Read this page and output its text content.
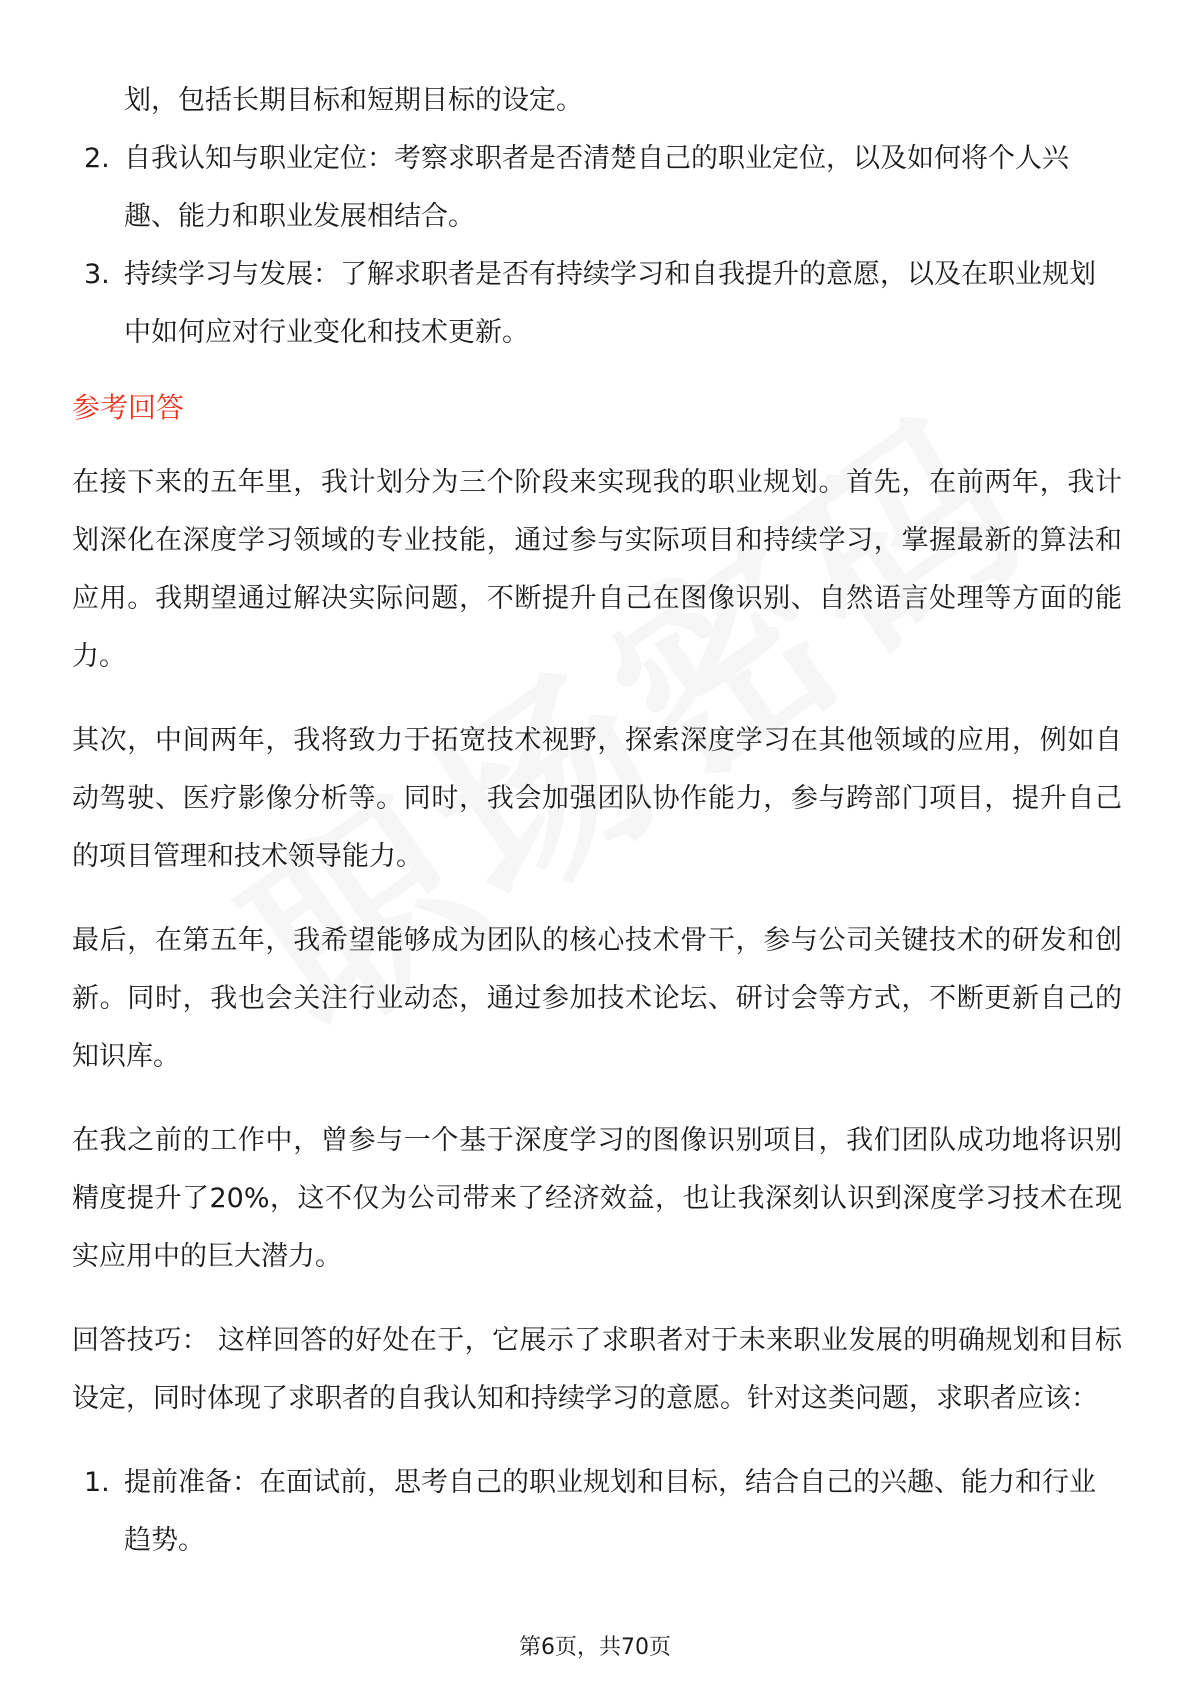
划，包括长期目标和短期目标的设定。

2. 自我认知与职业定位：考察求职者是否清楚自己的职业定位，以及如何将个人兴趣、能力和职业发展相结合。
3. 持续学习与发展：了解求职者是否有持续学习和自我提升的意愿，以及在职业规划中如何应对行业变化和技术更新。
参考回答

在接下来的五年里，我计划分为三个阶段来实现我的职业规划。首先，在前两年，我计划深化在深度学习领域的专业技能，通过参与实际项目和持续学习，掌握最新的算法和应用。我期望通过解决实际问题，不断提升自己在图像识别、自然语言处理等方面的能力。

其次，中间两年，我将致力于拓宽技术视野，探索深度学习在其他领域的应用，例如自动驾驶、医疗影像分析等。同时，我会加强团队协作能力，参与跨部门项目，提升自己的项目管理和技术领导能力。

最后，在第五年，我希望能够成为团队的核心技术骨干，参与公司关键技术的研发和创新。同时，我也会关注行业动态，通过参加技术论坛、研讨会等方式，不断更新自己的知识库。

在我之前的工作中，曾参与一个基于深度学习的图像识别项目，我们团队成功地将识别精度提升了20%，这不仅为公司带来了经济效益，也让我深刻认识到深度学习技术在现实应用中的巨大潜力。

回答技巧： 这样回答的好处在于，它展示了求职者对于未来职业发展的明确规划和目标设定，同时体现了求职者的自我认知和持续学习的意愿。针对这类问题，求职者应该：

1. 提前准备：在面试前，思考自己的职业规划和目标，结合自己的兴趣、能力和行业趋势。
第6页，共70页
